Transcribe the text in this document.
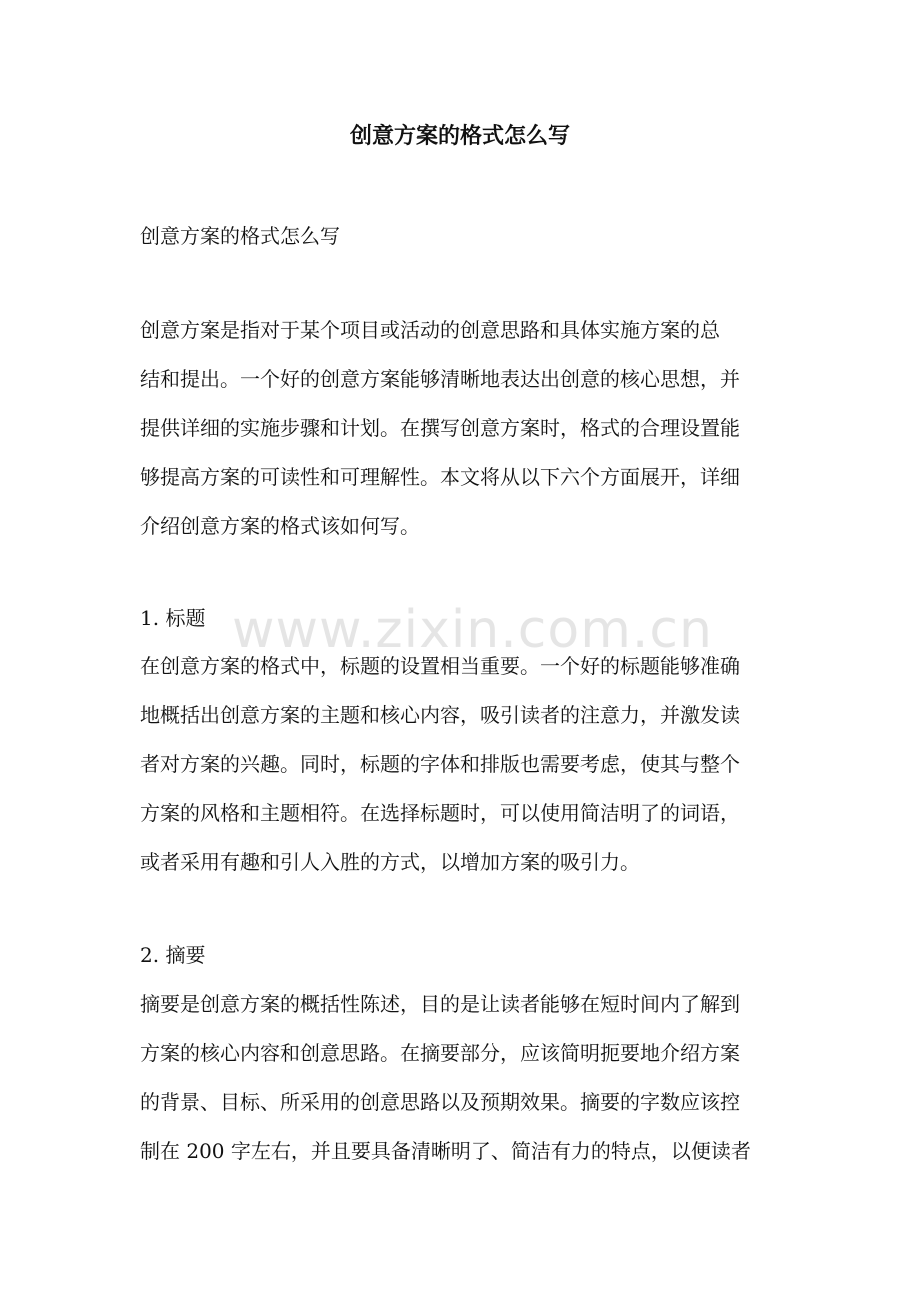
创意方案的格式怎么写

创意方案的格式怎么写

创意方案是指对于某个项目或活动的创意思路和具体实施方案的总

结和提出。一个好的创意方案能够清晰地表达出创意的核心思想，并

提供详细的实施步骤和计划。在撰写创意方案时，格式的合理设置能

够提高方案的可读性和可理解性。本文将从以下六个方面展开，详细

介绍创意方案的格式该如何写。

1. 标题

在创意方案的格式中，标题的设置相当重要。一个好的标题能够准确

地概括出创意方案的主题和核心内容，吸引读者的注意力，并激发读

者对方案的兴趣。同时，标题的字体和排版也需要考虑，使其与整个

方案的风格和主题相符。在选择标题时，可以使用简洁明了的词语，

或者采用有趣和引人入胜的方式，以增加方案的吸引力。

2. 摘要

摘要是创意方案的概括性陈述，目的是让读者能够在短时间内了解到

方案的核心内容和创意思路。在摘要部分，应该简明扼要地介绍方案

的背景、目标、所采用的创意思路以及预期效果。摘要的字数应该控

制在 200 字左右，并且要具备清晰明了、简洁有力的特点，以便读者

www.zixin.com.cn
